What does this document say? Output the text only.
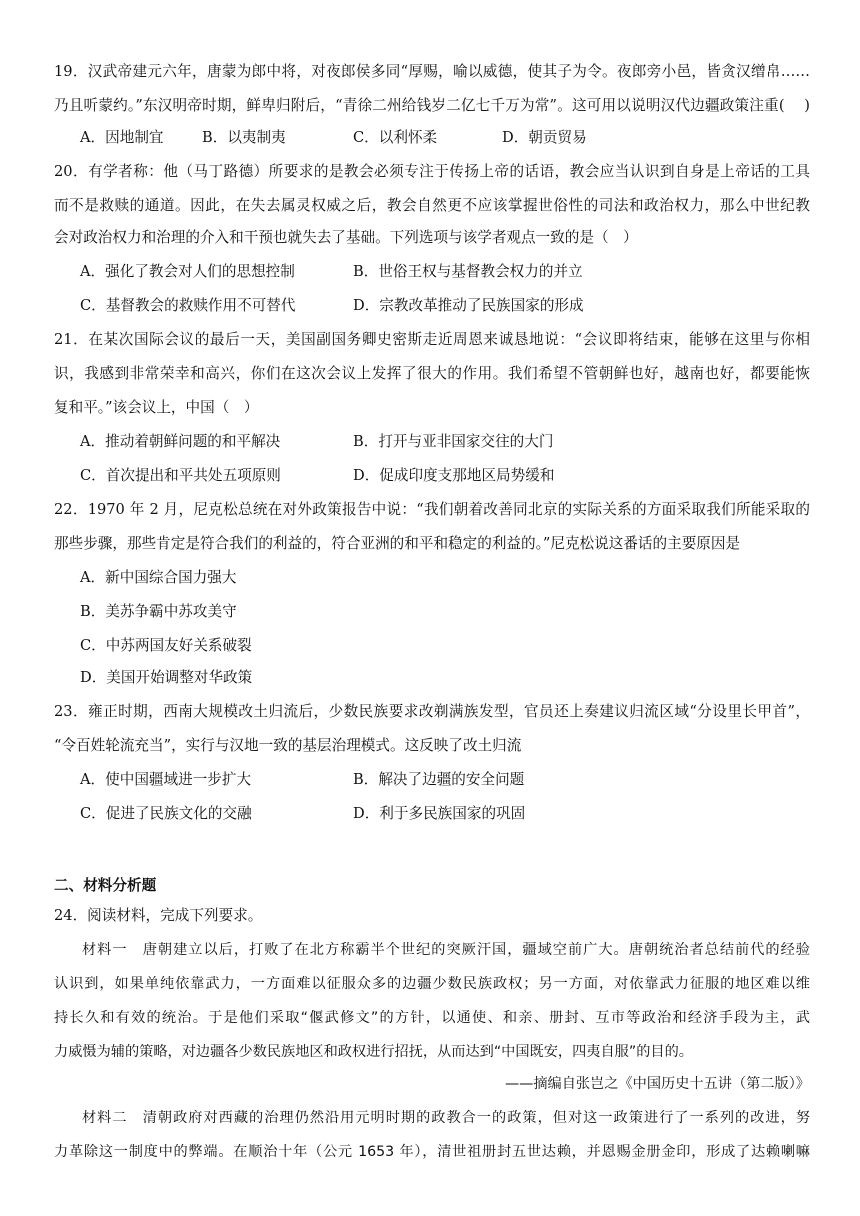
19．汉武帝建元六年，唐蒙为郎中将，对夜郎侯多同“厚赐，喻以威德，使其子为令。夜郎旁小邑，皆贪汉缯帛……
乃且听蒙约。”东汉明帝时期，鲜卑归附后，“青徐二州给钱岁二亿七千万为常”。这可用以说明汉代边疆政策注重(　 )
A．因地制宜	B．以夷制夷	C．以利怀柔	D．朝贡贸易
20．有学者称：他（马丁路德）所要求的是教会必须专注于传扬上帝的话语，教会应当认识到自身是上帝话的工具
而不是救赎的通道。因此，在失去属灵权威之后，教会自然更不应该掌握世俗性的司法和政治权力，那么中世纪教
会对政治权力和治理的介入和干预也就失去了基础。下列选项与该学者观点一致的是（　）
A．强化了教会对人们的思想控制	B．世俗王权与基督教会权力的并立
C．基督教会的救赎作用不可替代	D．宗教改革推动了民族国家的形成
21．在某次国际会议的最后一天，美国副国务卿史密斯走近周恩来诚恳地说：“会议即将结束，能够在这里与你相
识，我感到非常荣幸和高兴，你们在这次会议上发挥了很大的作用。我们希望不管朝鲜也好，越南也好，都要能恢
复和平。”该会议上，中国（　）
A．推动着朝鲜问题的和平解决	B．打开与亚非国家交往的大门
C．首次提出和平共处五项原则	D．促成印度支那地区局势缓和
22．1970 年 2 月，尼克松总统在对外政策报告中说：“我们朝着改善同北京的实际关系的方面采取我们所能采取的
那些步骤，那些肯定是符合我们的利益的，符合亚洲的和平和稳定的利益的。”尼克松说这番话的主要原因是
A．新中国综合国力强大
B．美苏争霸中苏攻美守
C．中苏两国友好关系破裂
D．美国开始调整对华政策
23．雍正时期，西南大规模改土归流后，少数民族要求改剃满族发型，官员还上奏建议归流区域“分设里长甲首”，
“令百姓轮流充当”，实行与汉地一致的基层治理模式。这反映了改土归流
A．使中国疆域进一步扩大	B．解决了边疆的安全问题
C．促进了民族文化的交融	D．利于多民族国家的巩固
二、材料分析题
24．阅读材料，完成下列要求。
材料一　唐朝建立以后，打败了在北方称霸半个世纪的突厥汗国，疆域空前广大。唐朝统治者总结前代的经验
认识到，如果单纯依靠武力，一方面难以征服众多的边疆少数民族政权；另一方面，对依靠武力征服的地区难以维
持长久和有效的统治。于是他们采取“偃武修文”的方针，以通使、和亲、册封、互市等政治和经济手段为主，武
力威慑为辅的策略，对边疆各少数民族地区和政权进行招抚，从而达到“中国既安，四夷自服”的目的。
——摘编自张岂之《中国历史十五讲（第二版）》
材料二　清朝政府对西藏的治理仍然沿用元明时期的政教合一的政策，但对这一政策进行了一系列的改进，努
力革除这一制度中的弊端。在顺治十年（公元 1653 年），清世祖册封五世达赖，并恩赐金册金印，形成了达赖喇嘛
